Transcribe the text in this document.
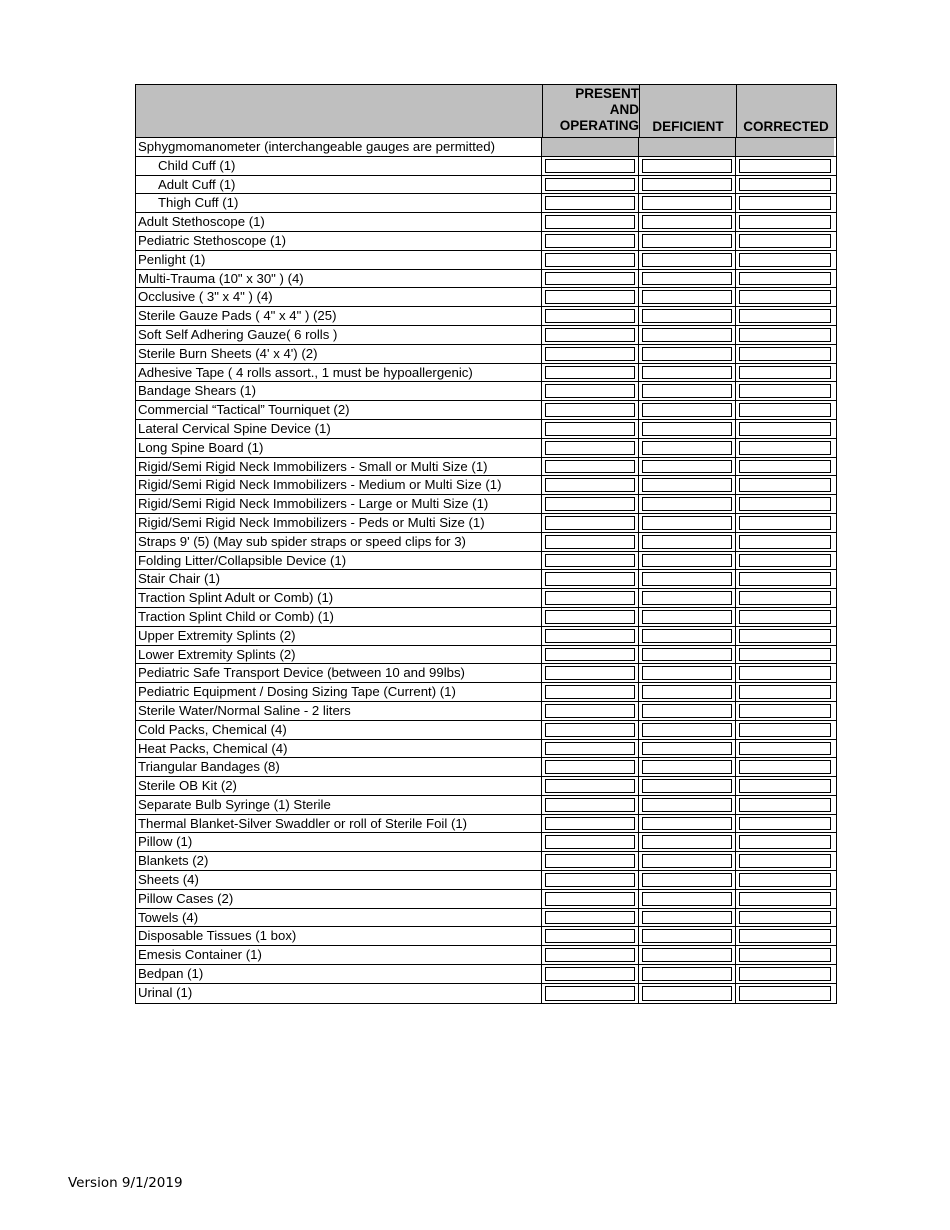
PRESENT
AND
OPERATING DEFICIENT	CORRECTED
Sphygmomanometer (interchangeable gauges are permitted)
Child Cuff (1)
Adult Cuff (1)
Thigh Cuff (1)
Adult Stethoscope (1)
Pediatric Stethoscope (1)
Penlight (1)
Multi-Trauma (10" x 30" ) (4)
Occlusive ( 3" x 4" ) (4)
Sterile Gauze Pads ( 4" x 4" ) (25)
Soft Self Adhering Gauze( 6 rolls )
Sterile Burn Sheets (4' x 4') (2)
Adhesive Tape ( 4 rolls assort., 1 must be hypoallergenic)
Bandage Shears (1)
Commercial “Tactical” Tourniquet (2)
Lateral Cervical Spine Device (1)
Long Spine Board (1)
Rigid/Semi Rigid Neck Immobilizers - Small or Multi Size (1)
Rigid/Semi Rigid Neck Immobilizers - Medium or Multi Size (1)
Rigid/Semi Rigid Neck Immobilizers - Large or Multi Size (1)
Rigid/Semi Rigid Neck Immobilizers - Peds or Multi Size (1)
Straps 9' (5) (May sub spider straps or speed clips for 3)
Folding Litter/Collapsible Device (1)
Stair Chair (1)
Traction Splint Adult or Comb) (1)
Traction Splint Child or Comb) (1)
Upper Extremity Splints (2)
Lower Extremity Splints (2)
Pediatric Safe Transport Device (between 10 and 99lbs)
Pediatric Equipment / Dosing Sizing Tape (Current) (1)
Sterile Water/Normal Saline - 2 liters
Cold Packs, Chemical (4)
Heat Packs, Chemical (4)
Triangular Bandages (8)
Sterile OB Kit (2)
Separate Bulb Syringe (1) Sterile
Thermal Blanket-Silver Swaddler or roll of Sterile Foil (1)
Pillow (1)
Blankets (2)
Sheets (4)
Pillow Cases (2)
Towels (4)
Disposable Tissues (1 box)
Emesis Container (1)
Bedpan (1)
Urinal (1)
Version 9/1/2019
